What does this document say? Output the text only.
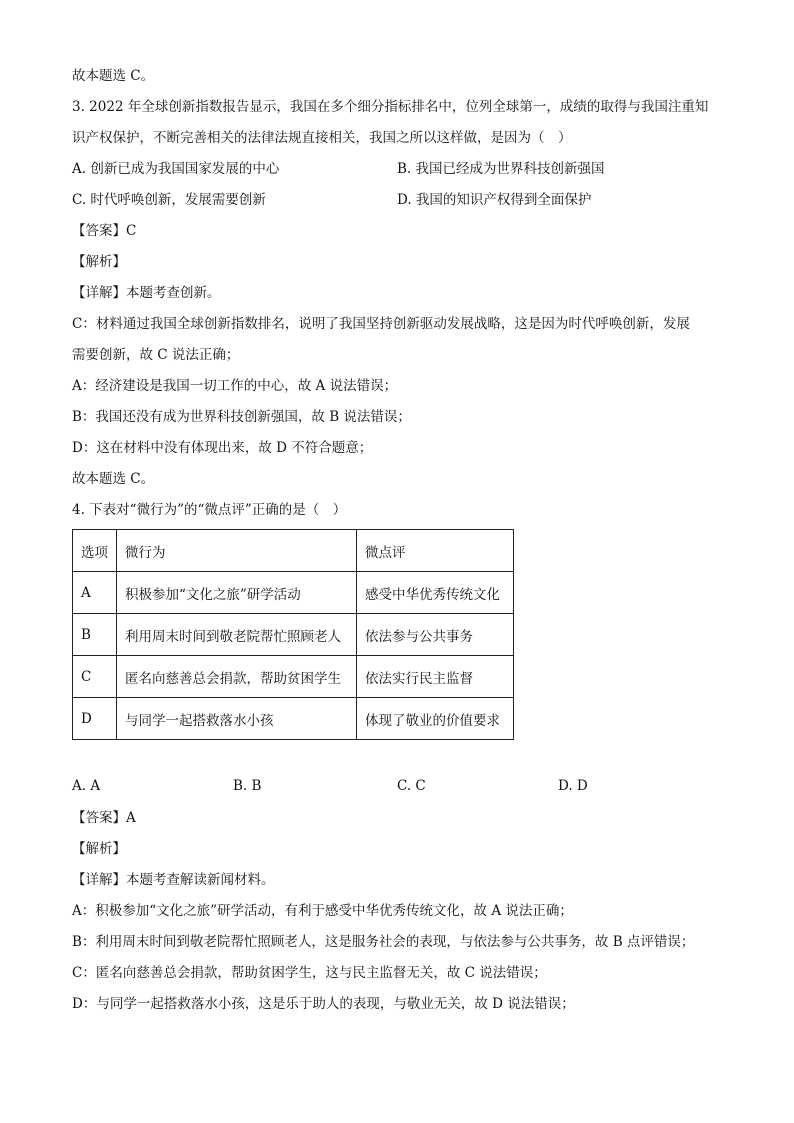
故本题选 C。
3. 2022 年全球创新指数报告显示，我国在多个细分指标排名中，位列全球第一，成绩的取得与我国注重知
识产权保护，不断完善相关的法律法规直接相关，我国之所以这样做，是因为（　）
A. 创新已成为我国国家发展的中心	B. 我国已经成为世界科技创新强国
C. 时代呼唤创新，发展需要创新	D. 我国的知识产权得到全面保护
【答案】C
【解析】
【详解】本题考查创新。
C：材料通过我国全球创新指数排名，说明了我国坚持创新驱动发展战略，这是因为时代呼唤创新，发展
需要创新，故 C 说法正确；
A：经济建设是我国一切工作的中心，故 A 说法错误；
B：我国还没有成为世界科技创新强国，故 B 说法错误；
D：这在材料中没有体现出来，故 D 不符合题意；
故本题选 C。
4. 下表对“微行为”的“微点评”正确的是（　）
选项	微行为	微点评
A	积极参加“文化之旅”研学活动	感受中华优秀传统文化
B	利用周末时间到敬老院帮忙照顾老人	依法参与公共事务
C	匿名向慈善总会捐款，帮助贫困学生	依法实行民主监督
D	与同学一起搭救落水小孩	体现了敬业的价值要求
A. A	B. B	C. C	D. D
【答案】A
【解析】
【详解】本题考查解读新闻材料。
A：积极参加“文化之旅”研学活动，有利于感受中华优秀传统文化，故 A 说法正确；
B：利用周末时间到敬老院帮忙照顾老人，这是服务社会的表现，与依法参与公共事务，故 B 点评错误；
C：匿名向慈善总会捐款，帮助贫困学生，这与民主监督无关，故 C 说法错误；
D：与同学一起搭救落水小孩，这是乐于助人的表现，与敬业无关，故 D 说法错误；
